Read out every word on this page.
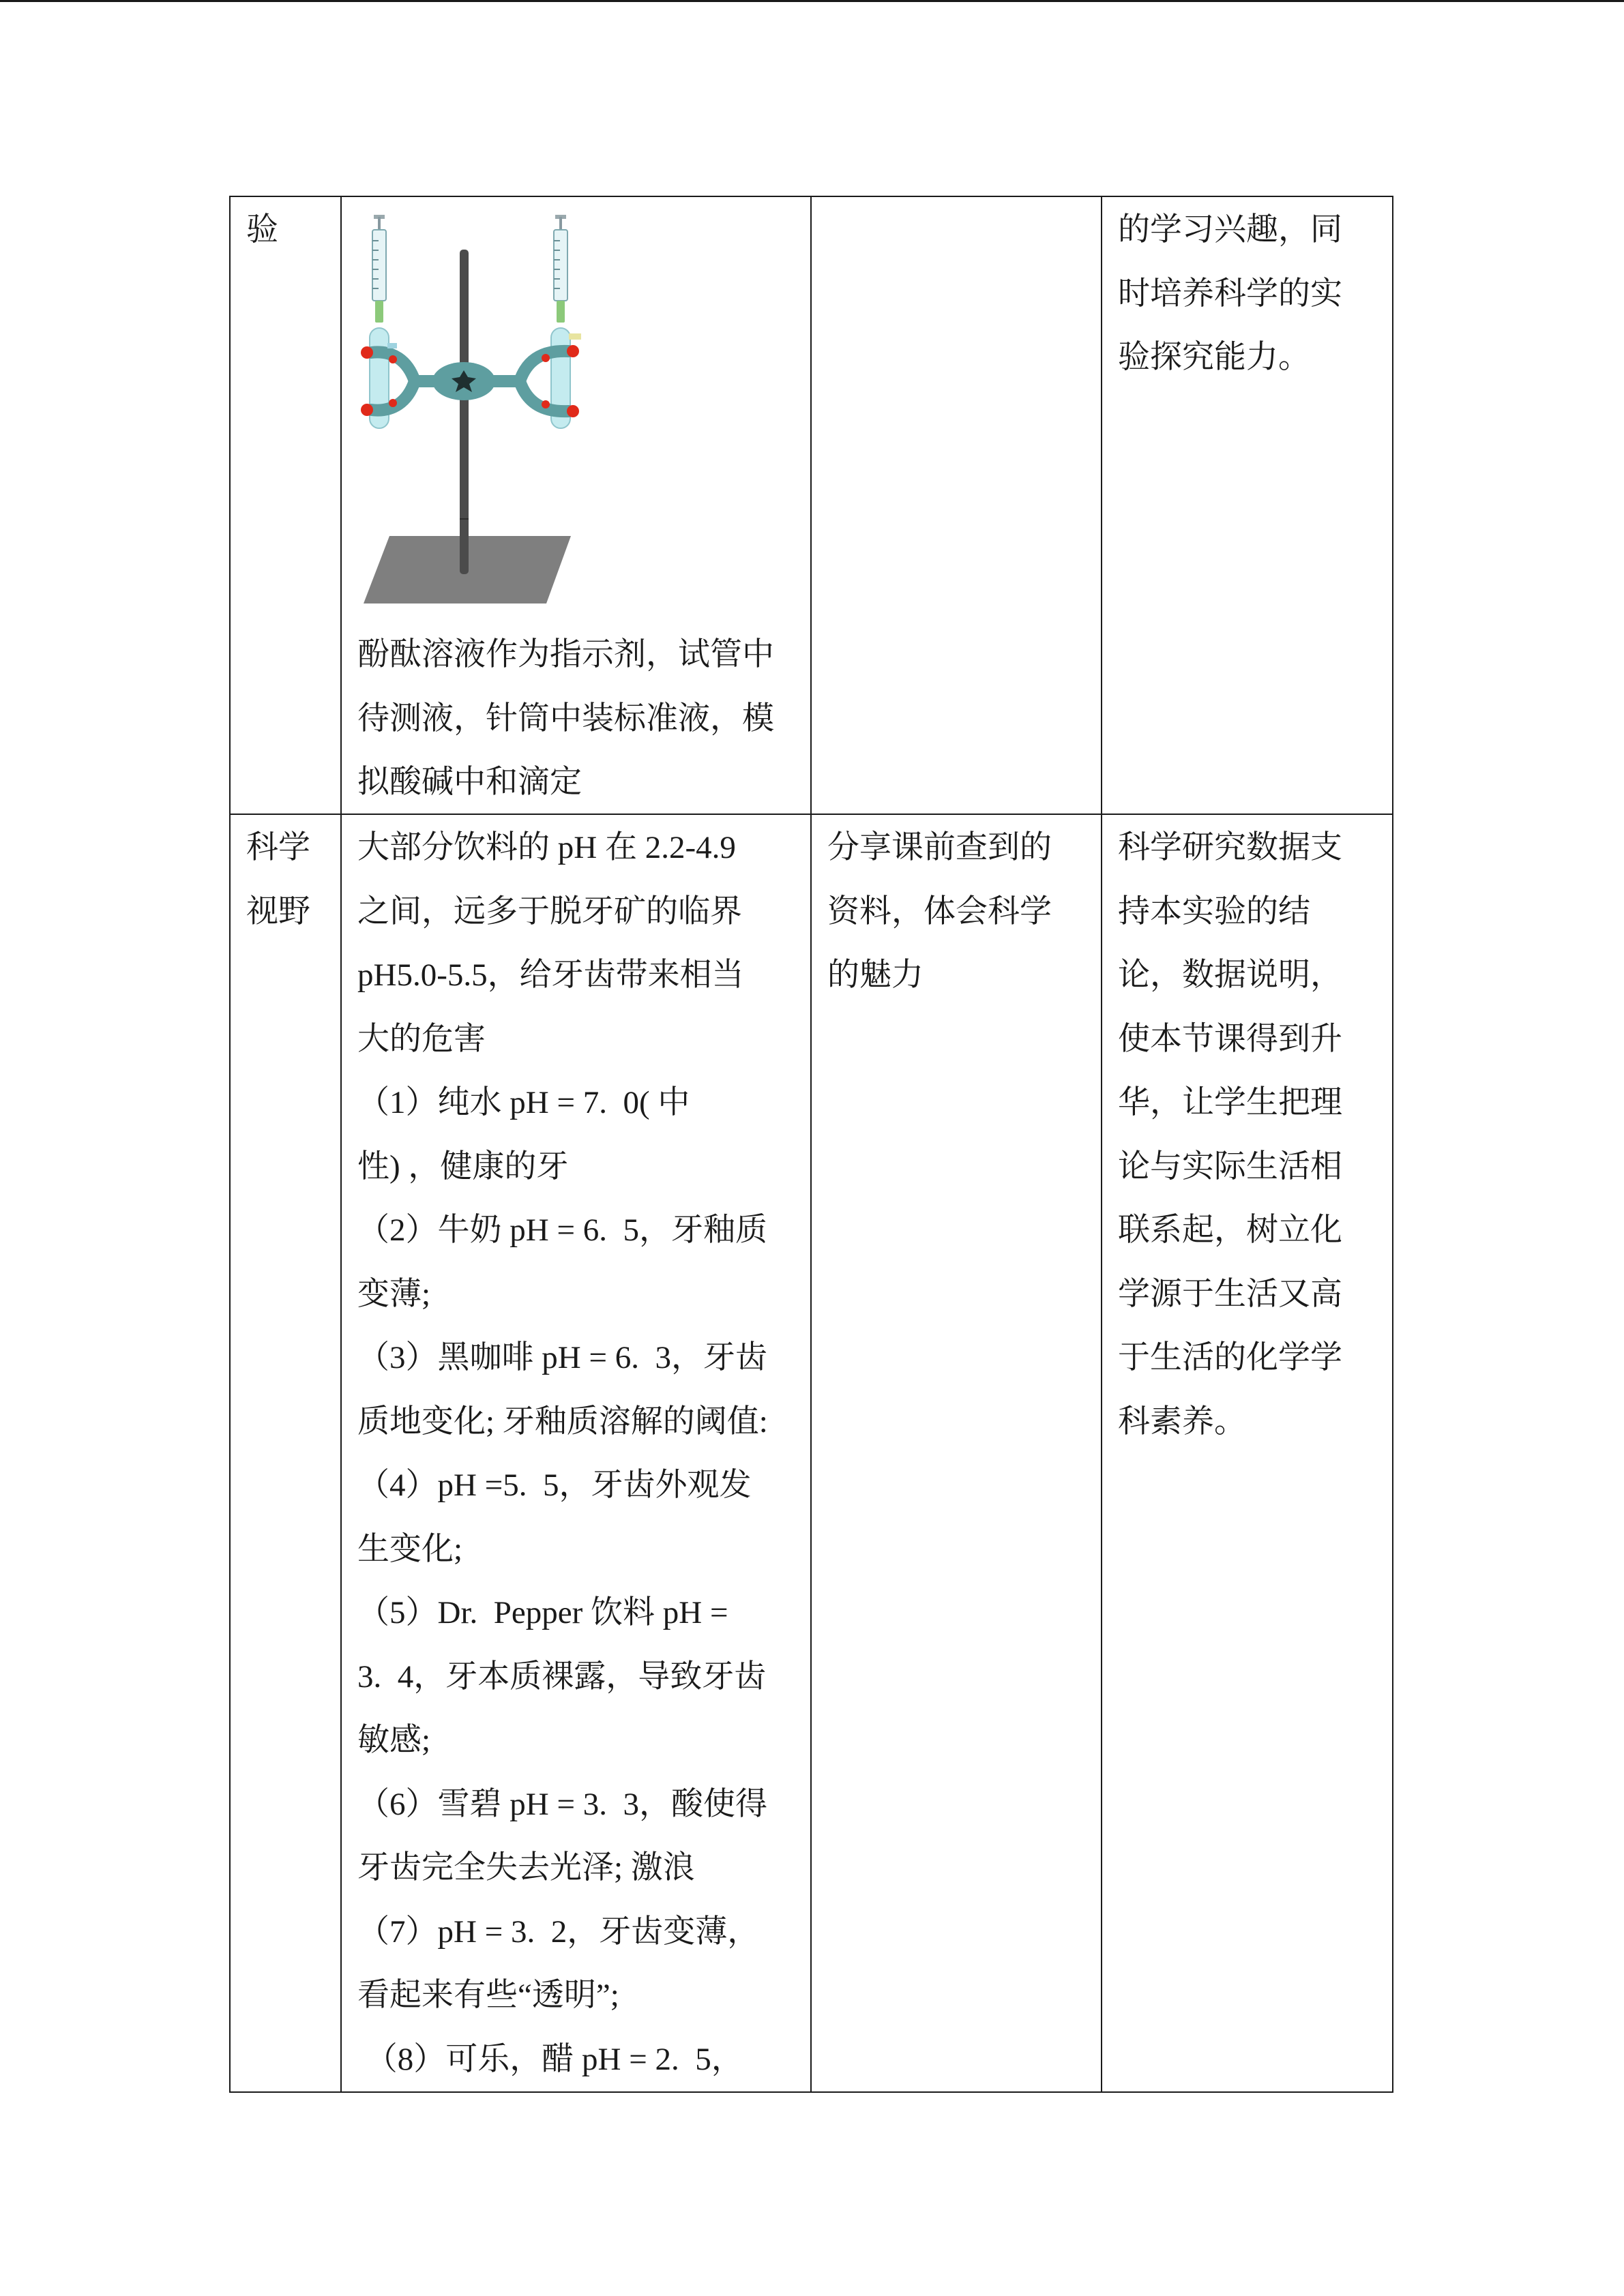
验
酚酞溶液作为指示剂，试管中
待测液，针筒中装标准液，模
拟酸碱中和滴定
的学习兴趣，同
时培养科学的实
验探究能力。
科学
视野
大部分饮料的 pH 在 2.2-4.9
之间，远多于脱牙矿的临界
pH5.0-5.5，给牙齿带来相当
大的危害
（1）纯水 pH = 7.  0( 中
性) ，健康的牙
（2）牛奶 pH = 6.  5，牙釉质
变薄;
（3）黑咖啡 pH = 6.  3，牙齿
质地变化; 牙釉质溶解的阈值:
（4）pH =5.  5，牙齿外观发
生变化;
（5）Dr.  Pepper 饮料 pH =
3.  4，牙本质裸露，导致牙齿
敏感;
（6）雪碧 pH = 3.  3，酸使得
牙齿完全失去光泽; 激浪
（7）pH = 3.  2，牙齿变薄，
看起来有些“透明”;
（8）可乐，醋 pH = 2.  5，
分享课前查到的
资料，体会科学
的魅力
科学研究数据支
持本实验的结
论，数据说明，
使本节课得到升
华，让学生把理
论与实际生活相
联系起，树立化
学源于生活又高
于生活的化学学
科素养。
